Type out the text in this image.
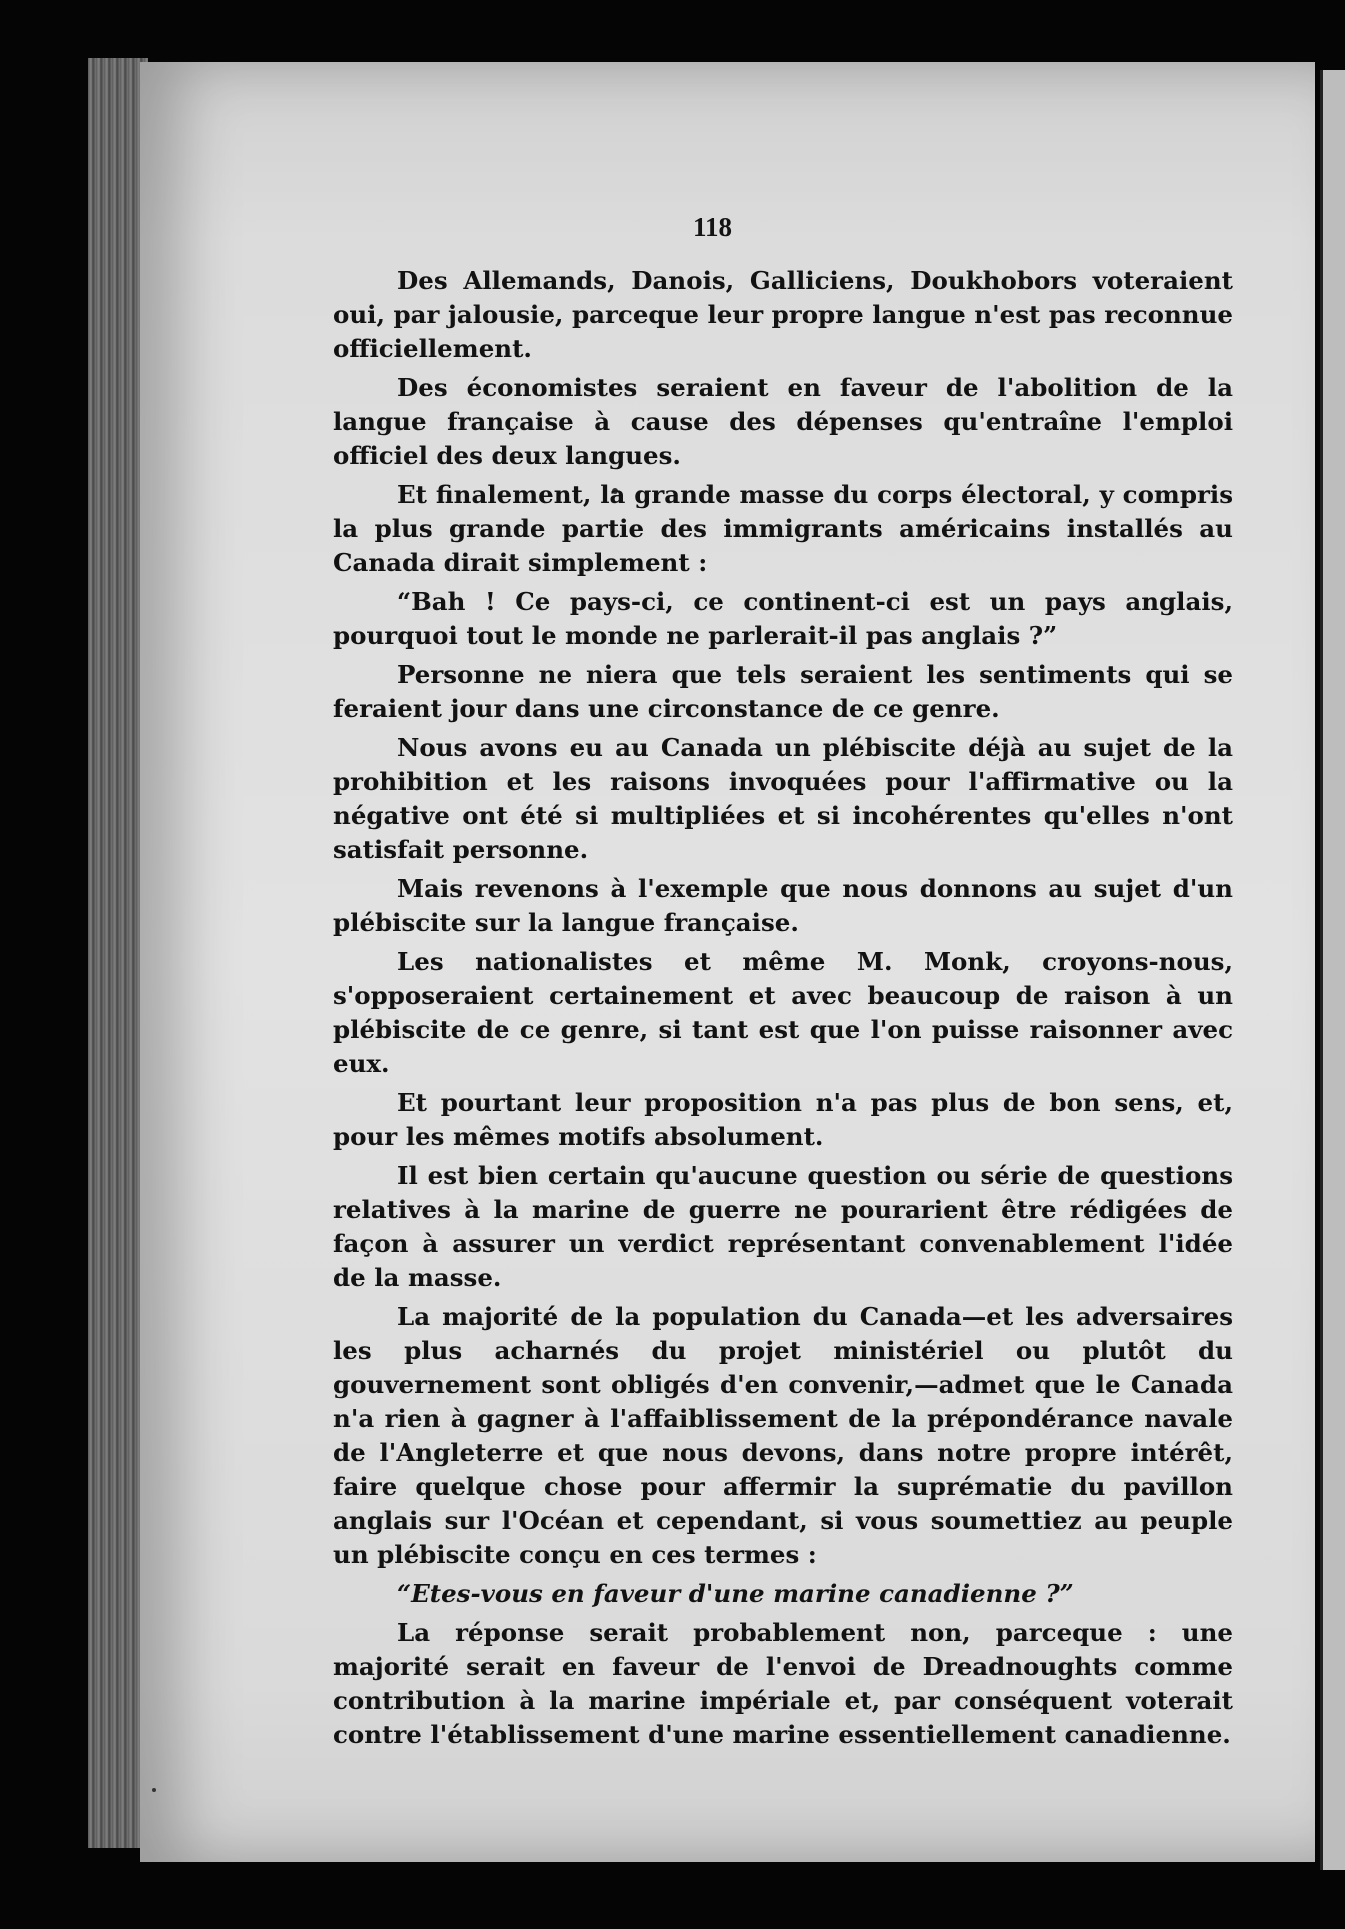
118

Des Allemands, Danois, Galliciens, Doukhobors voteraient oui, par jalousie, parceque leur propre langue n'est pas reconnue officiellement.

Des économistes seraient en faveur de l'abolition de la langue française à cause des dépenses qu'entraîne l'emploi officiel des deux langues.

Et finalement, la grande masse du corps électoral, y compris la plus grande partie des immigrants américains installés au Canada dirait simplement :

“Bah ! Ce pays-ci, ce continent-ci est un pays anglais, pourquoi tout le monde ne parlerait-il pas anglais ?”

Personne ne niera que tels seraient les sentiments qui se feraient jour dans une circonstance de ce genre.

Nous avons eu au Canada un plébiscite déjà au sujet de la prohibition et les raisons invoquées pour l'affirmative ou la négative ont été si multipliées et si incohérentes qu'elles n'ont satisfait personne.

Mais revenons à l'exemple que nous donnons au sujet d'un plébiscite sur la langue française.

Les nationalistes et même M. Monk, croyons-nous, s'opposeraient certainement et avec beaucoup de raison à un plébiscite de ce genre, si tant est que l'on puisse raisonner avec eux.

Et pourtant leur proposition n'a pas plus de bon sens, et, pour les mêmes motifs absolument.

Il est bien certain qu'aucune question ou série de questions relatives à la marine de guerre ne pourarient être rédigées de façon à assurer un verdict représentant convenablement l'idée de la masse.

La majorité de la population du Canada—et les adversaires les plus acharnés du projet ministériel ou plutôt du gouvernement sont obligés d'en convenir,—admet que le Canada n'a rien à gagner à l'affaiblissement de la prépondérance navale de l'Angleterre et que nous devons, dans notre propre intérêt, faire quelque chose pour affermir la suprématie du pavillon anglais sur l'Océan et cependant, si vous soumettiez au peuple un plébiscite conçu en ces termes :

“Etes-vous en faveur d'une marine canadienne ?”

La réponse serait probablement non, parceque : une majorité serait en faveur de l'envoi de Dreadnoughts comme contribution à la marine impériale et, par conséquent voterait contre l'établissement d'une marine essentiellement canadienne.
